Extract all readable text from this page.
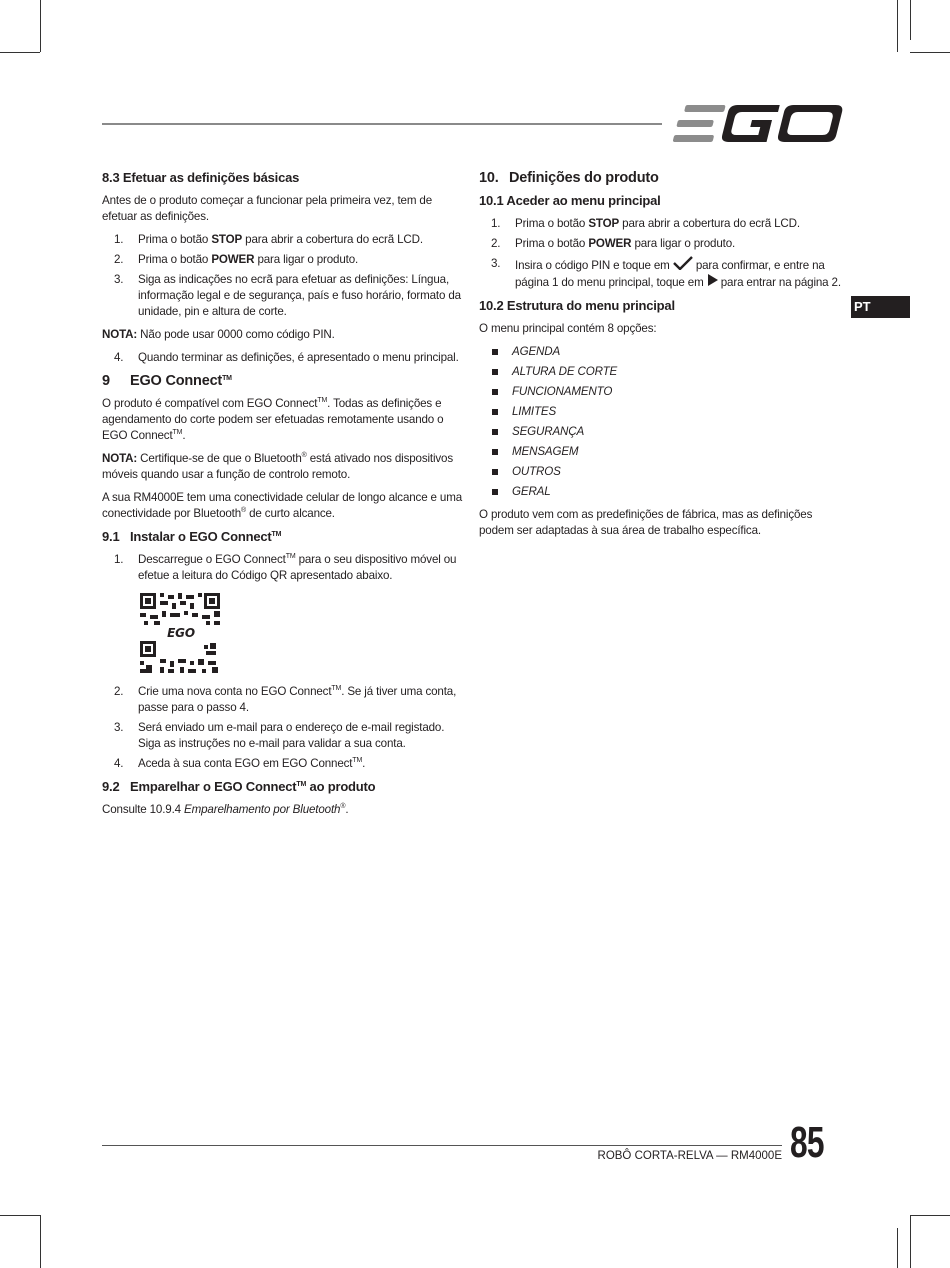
PT
8.3 Efetuar as definições básicas

Antes de o produto começar a funcionar pela primeira vez, tem de efetuar as definições.

1. Prima o botão STOP para abrir a cobertura do ecrã LCD.
2. Prima o botão POWER para ligar o produto.
3. Siga as indicações no ecrã para efetuar as definições: Língua, informação legal e de segurança, país e fuso horário, formato da unidade, pin e altura de corte.

NOTA: Não pode usar 0000 como código PIN.

4. Quando terminar as definições, é apresentado o menu principal.
9 EGO Connect™

O produto é compatível com EGO Connect™. Todas as definições e agendamento do corte podem ser efetuadas remotamente usando o EGO Connect™.

NOTA: Certifique-se de que o Bluetooth® está ativado nos dispositivos móveis quando usar a função de controlo remoto.

A sua RM4000E tem uma conectividade celular de longo alcance e uma conectividade por Bluetooth® de curto alcance.

9.1 Instalar o EGO Connect™
1. Descarregue o EGO Connect™ para o seu dispositivo móvel ou efetue a leitura do Código QR apresentado abaixo.
EGO
2. Crie uma nova conta no EGO Connect™. Se já tiver uma conta, passe para o passo 4.
3. Será enviado um e-mail para o endereço de e-mail registado. Siga as instruções no e-mail para validar a sua conta.
4. Aceda à sua conta EGO em EGO Connect™.
9.2 Emparelhar o EGO Connect™ ao produto

Consulte 10.9.4 Emparelhamento por Bluetooth®.

10. Definições do produto
10.1 Aceder ao menu principal
1. Prima o botão STOP para abrir a cobertura do ecrã LCD.
2. Prima o botão POWER para ligar o produto.
3. Insira o código PIN e toque em  para confirmar, e entre na página 1 do menu principal, toque em  para entrar na página 2.
10.2 Estrutura do menu principal

O menu principal contém 8 opções:

AGENDA
ALTURA DE CORTE
FUNCIONAMENTO
LIMITES
SEGURANÇA
MENSAGEM
OUTROS
GERAL

O produto vem com as predefinições de fábrica, mas as definições podem ser adaptadas à sua área de trabalho específica.

ROBÔ CORTA-RELVA — RM4000E 85
